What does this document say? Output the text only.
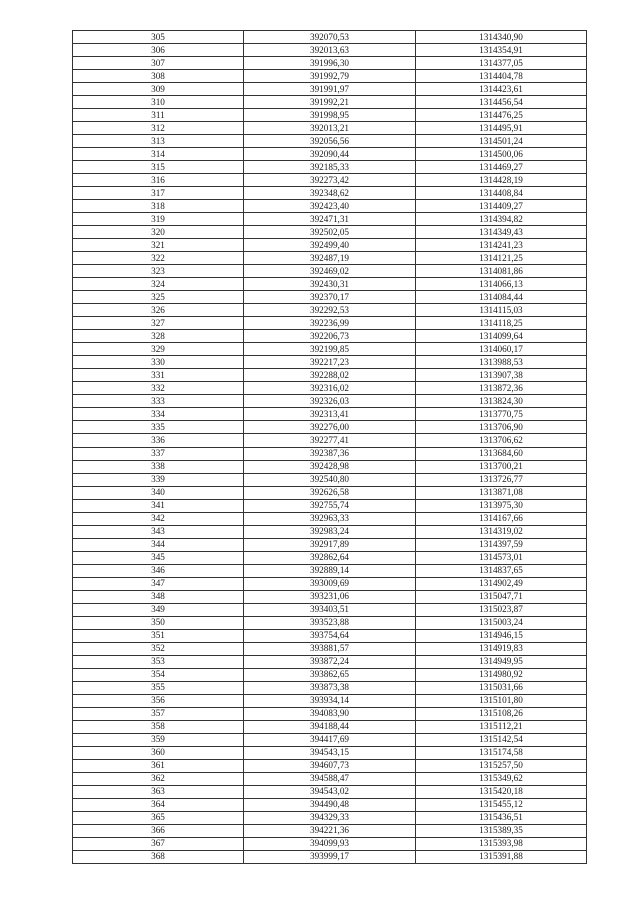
305	392070,53	1314340,90
306	392013,63	1314354,91
307	391996,30	1314377,05
308	391992,79	1314404,78
309	391991,97	1314423,61
310	391992,21	1314456,54
311	391998,95	1314476,25
312	392013,21	1314495,91
313	392056,56	1314501,24
314	392090,44	1314500,06
315	392185,33	1314469,27
316	392273,42	1314428,19
317	392348,62	1314408,84
318	392423,40	1314409,27
319	392471,31	1314394,82
320	392502,05	1314349,43
321	392499,40	1314241,23
322	392487,19	1314121,25
323	392469,02	1314081,86
324	392430,31	1314066,13
325	392370,17	1314084,44
326	392292,53	1314115,03
327	392236,99	1314118,25
328	392206,73	1314099,64
329	392199,85	1314060,17
330	392217,23	1313988,53
331	392288,02	1313907,38
332	392316,02	1313872,36
333	392326,03	1313824,30
334	392313,41	1313770,75
335	392276,00	1313706,90
336	392277,41	1313706,62
337	392387,36	1313684,60
338	392428,98	1313700,21
339	392540,80	1313726,77
340	392626,58	1313871,08
341	392755,74	1313975,30
342	392963,33	1314167,66
343	392983,24	1314319,02
344	392917,89	1314397,59
345	392862,64	1314573,01
346	392889,14	1314837,65
347	393009,69	1314902,49
348	393231,06	1315047,71
349	393403,51	1315023,87
350	393523,88	1315003,24
351	393754,64	1314946,15
352	393881,57	1314919,83
353	393872,24	1314949,95
354	393862,65	1314980,92
355	393873,38	1315031,66
356	393934,14	1315101,80
357	394083,90	1315108,26
358	394188,44	1315112,21
359	394417,69	1315142,54
360	394543,15	1315174,58
361	394607,73	1315257,50
362	394588,47	1315349,62
363	394543,02	1315420,18
364	394490,48	1315455,12
365	394329,33	1315436,51
366	394221,36	1315389,35
367	394099,93	1315393,98
368	393999,17	1315391,88
